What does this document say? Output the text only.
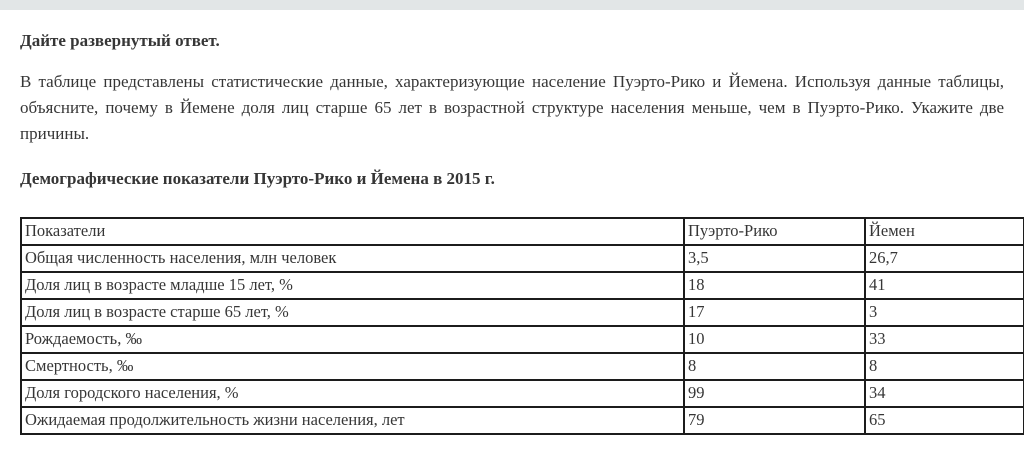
Дайте развернутый ответ.

В таблице представлены статистические данные, характеризующие население Пуэрто-Рико и Йемена. Используя данные таблицы, объясните, почему в Йемене доля лиц старше 65 лет в возрастной структуре населения меньше, чем в Пуэрто-Рико. Укажите две причины.

Демографические показатели Пуэрто-Рико и Йемена в 2015 г.

Показатели	Пуэрто-Рико	Йемен
Общая численность населения, млн человек	3,5	26,7
Доля лиц в возрасте младше 15 лет, %	18	41
Доля лиц в возрасте старше 65 лет, %	17	3
Рождаемость, ‰	10	33
Смертность, ‰	8	8
Доля городского населения, %	99	34
Ожидаемая продолжительность жизни населения, лет	79	65
